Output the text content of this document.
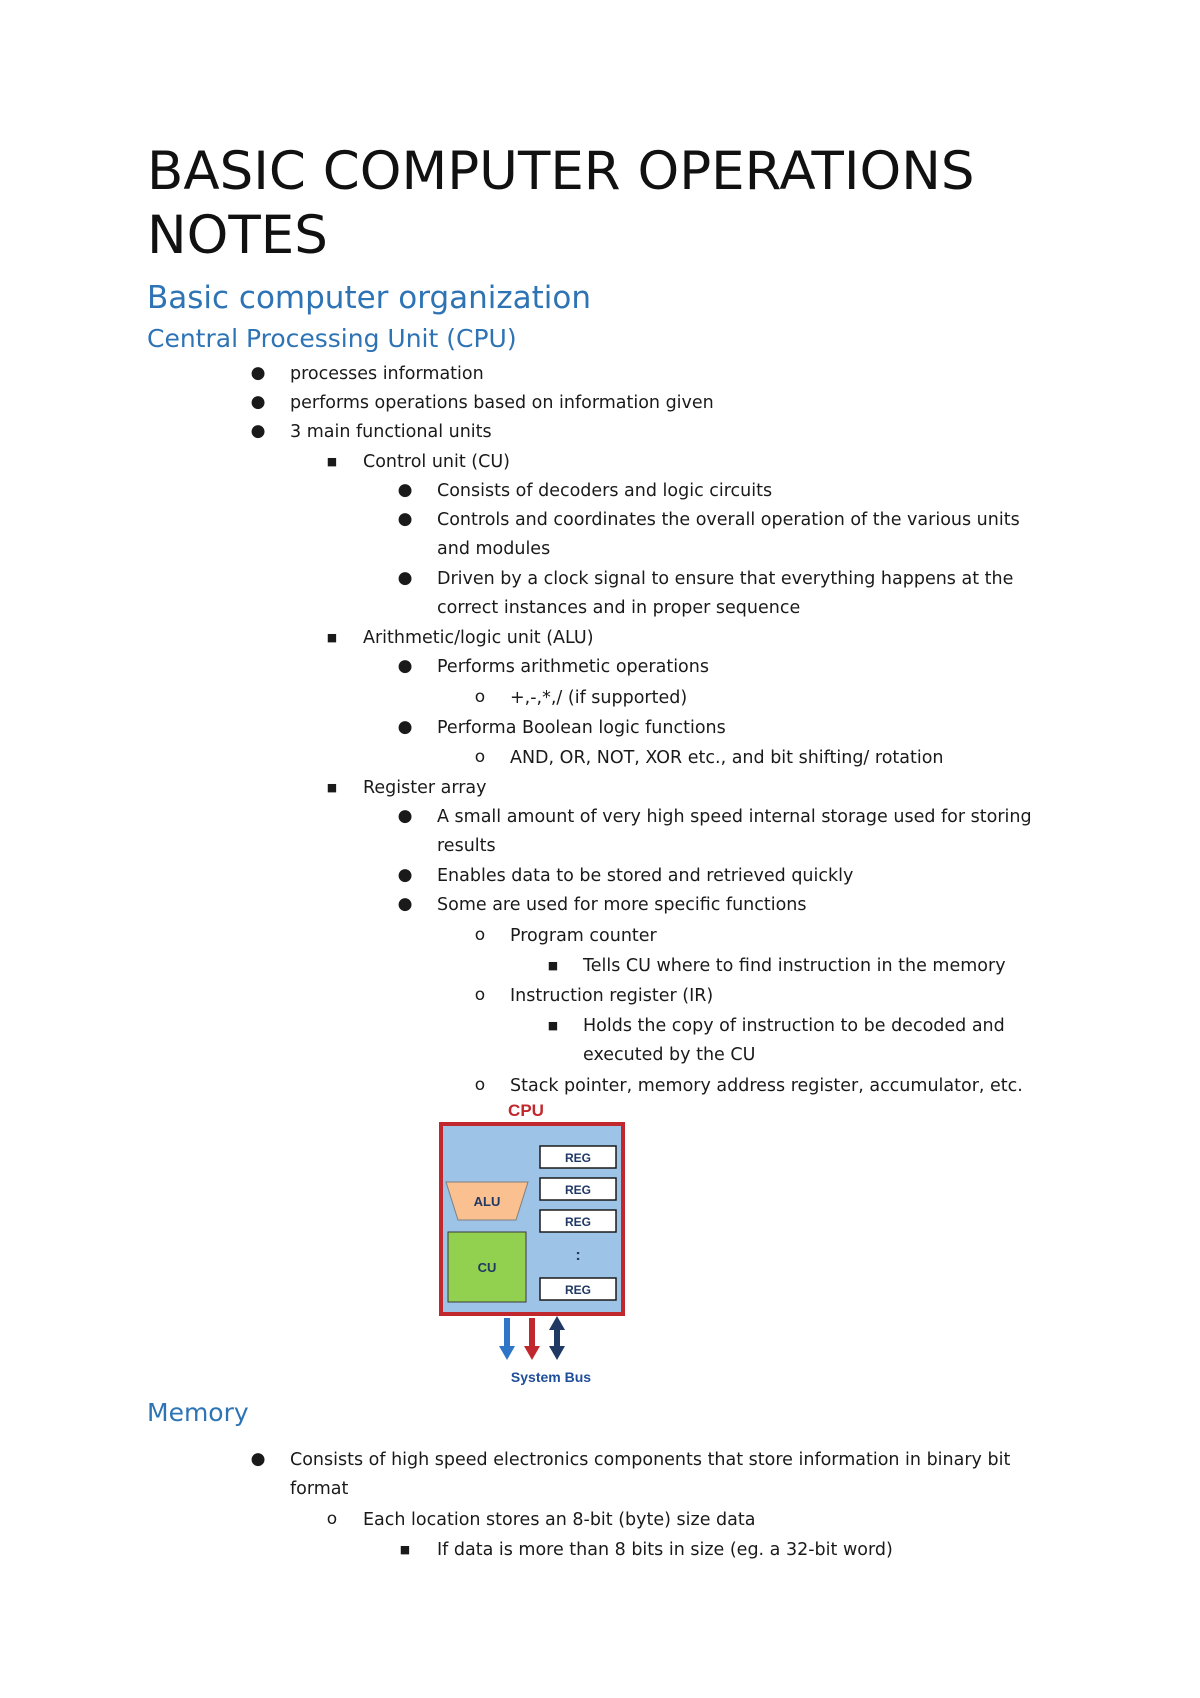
BASIC COMPUTER OPERATIONS
NOTES
Basic computer organization
Central Processing Unit (CPU)
● processes information
● performs operations based on information given
● 3 main functional units
■ Control unit (CU)
● Consists of decoders and logic circuits
● Controls and coordinates the overall operation of the various units
and modules
● Driven by a clock signal to ensure that everything happens at the
correct instances and in proper sequence
■ Arithmetic/logic unit (ALU)
● Performs arithmetic operations
o +,-,*,/ (if supported)
● Performa Boolean logic functions
o AND, OR, NOT, XOR etc., and bit shifting/ rotation
■ Register array
● A small amount of very high speed internal storage used for storing
results
● Enables data to be stored and retrieved quickly
● Some are used for more specific functions
o Program counter
■ Tells CU where to find instruction in the memory
o Instruction register (IR)
■ Holds the copy of instruction to be decoded and
executed by the CU
o Stack pointer, memory address register, accumulator, etc.
CPU
ALU
CU
REG
REG
REG
:
REG
System Bus
Memory
● Consists of high speed electronics components that store information in binary bit
format
o Each location stores an 8-bit (byte) size data
■ If data is more than 8 bits in size (eg. a 32-bit word)
